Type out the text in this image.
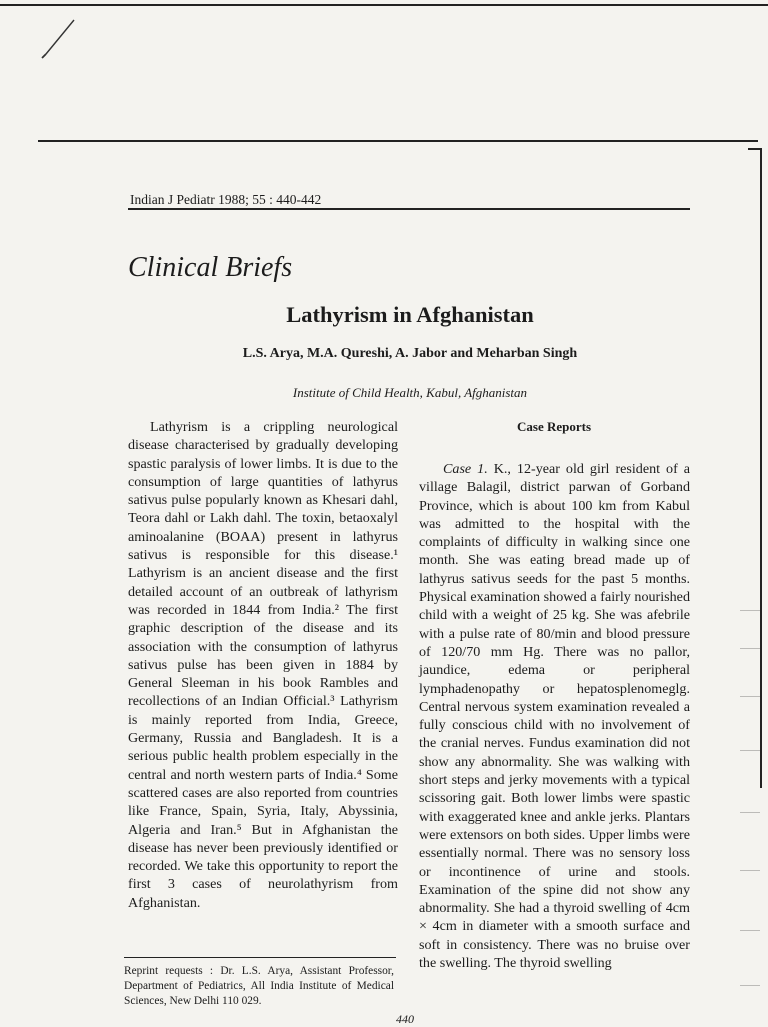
Indian J Pediatr 1988; 55 : 440-442
Clinical Briefs
Lathyrism in Afghanistan
L.S. Arya, M.A. Qureshi, A. Jabor and Meharban Singh
Institute of Child Health, Kabul, Afghanistan

Lathyrism is a crippling neurological disease characterised by gradually developing spastic paralysis of lower limbs. It is due to the consumption of large quantities of lathyrus sativus pulse popularly known as Khesari dahl, Teora dahl or Lakh dahl. The toxin, betaoxalyl aminoalanine (BOAA) present in lathyrus sativus is responsible for this disease.¹ Lathyrism is an ancient disease and the first detailed account of an outbreak of lathyrism was recorded in 1844 from India.² The first graphic description of the disease and its association with the consumption of lathyrus sativus pulse has been given in 1884 by General Sleeman in his book Rambles and recollections of an Indian Official.³ Lathyrism is mainly reported from India, Greece, Germany, Russia and Bangladesh. It is a serious public health problem especially in the central and north western parts of India.⁴ Some scattered cases are also reported from countries like France, Spain, Syria, Italy, Abyssinia, Algeria and Iran.⁵ But in Afghanistan the disease has never been previously identified or recorded. We take this opportunity to report the first 3 cases of neurolathyrism from Afghanistan.

Case Reports

Case 1. K., 12-year old girl resident of a village Balagil, district parwan of Gorband Province, which is about 100 km from Kabul was admitted to the hospital with the complaints of difficulty in walking since one month. She was eating bread made up of lathyrus sativus seeds for the past 5 months. Physical examination showed a fairly nourished child with a weight of 25 kg. She was afebrile with a pulse rate of 80/min and blood pressure of 120/70 mm Hg. There was no pallor, jaundice, edema or peripheral lymphadenopathy or hepatosplenomeglg. Central nervous system examination revealed a fully conscious child with no involvement of the cranial nerves. Fundus examination did not show any abnormality. She was walking with short steps and jerky movements with a typical scissoring gait. Both lower limbs were spastic with exaggerated knee and ankle jerks. Plantars were extensors on both sides. Upper limbs were essentially normal. There was no sensory loss or incontinence of urine and stools. Examination of the spine did not show any abnormality. She had a thyroid swelling of 4cm × 4cm in diameter with a smooth surface and soft in consistency. There was no bruise over the swelling. The thyroid swelling

Reprint requests : Dr. L.S. Arya, Assistant Professor, Department of Pediatrics, All India Institute of Medical Sciences, New Delhi 110 029.
440
